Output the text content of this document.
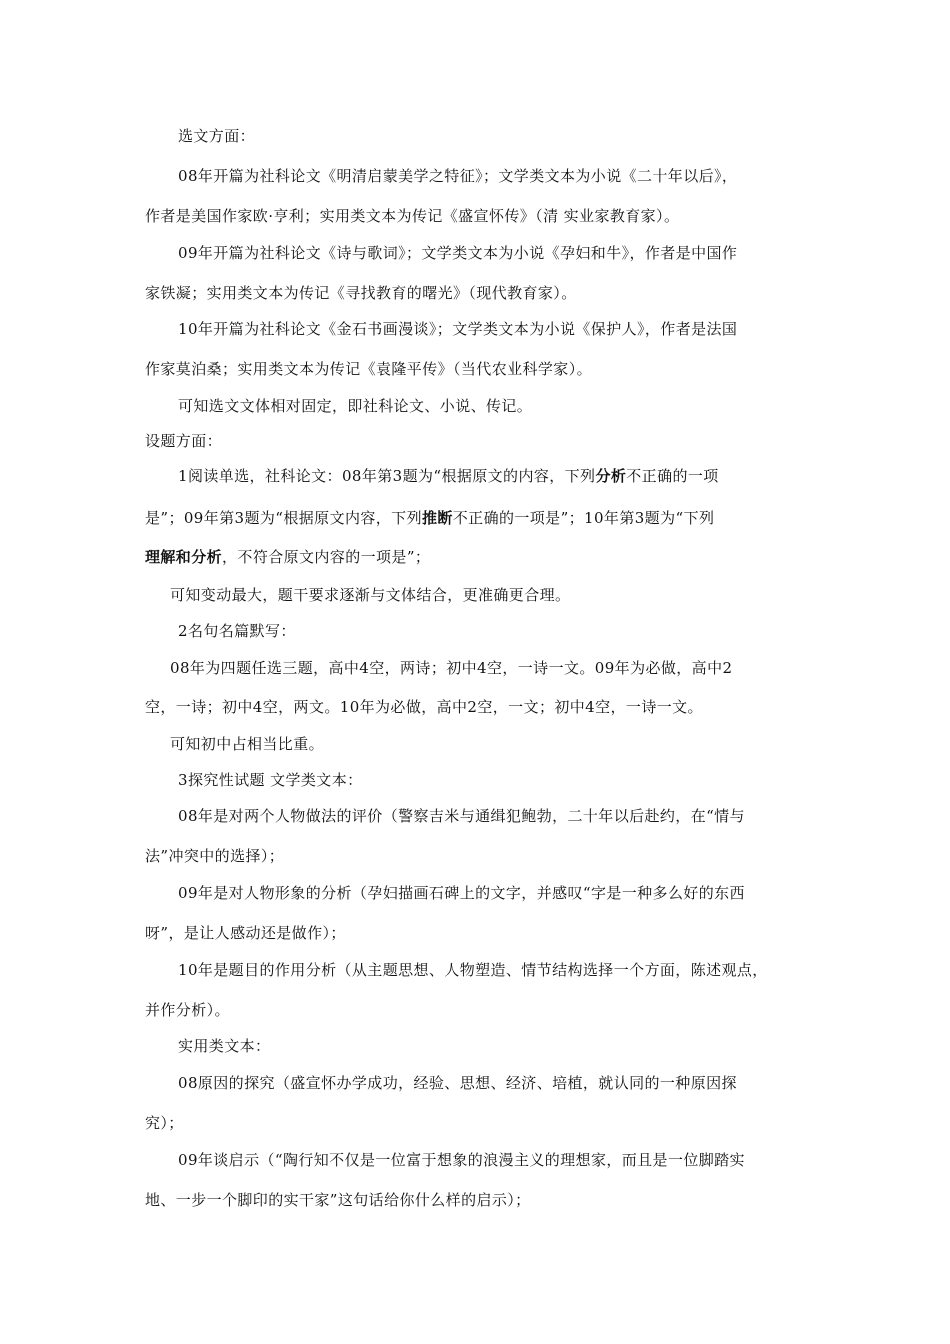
选文方面：
08年开篇为社科论文《明清启蒙美学之特征》；文学类文本为小说《二十年以后》，
作者是美国作家欧·亨利；实用类文本为传记《盛宣怀传》（清 实业家教育家）。
09年开篇为社科论文《诗与歌词》；文学类文本为小说《孕妇和牛》，作者是中国作
家铁凝；实用类文本为传记《寻找教育的曙光》（现代教育家）。
10年开篇为社科论文《金石书画漫谈》；文学类文本为小说《保护人》，作者是法国
作家莫泊桑；实用类文本为传记《袁隆平传》（当代农业科学家）。
可知选文文体相对固定，即社科论文、小说、传记。
设题方面：
1阅读单选，社科论文：08年第3题为“根据原文的内容，下列分析不正确的一项
是”；09年第3题为“根据原文内容，下列推断不正确的一项是”；10年第3题为“下列
理解和分析，不符合原文内容的一项是”；
可知变动最大，题干要求逐渐与文体结合，更准确更合理。
2名句名篇默写：
08年为四题任选三题，高中4空，两诗；初中4空，一诗一文。09年为必做，高中2
空，一诗；初中4空，两文。10年为必做，高中2空，一文；初中4空，一诗一文。
可知初中占相当比重。
3探究性试题 文学类文本：
08年是对两个人物做法的评价（警察吉米与通缉犯鲍勃，二十年以后赴约，在“情与
法”冲突中的选择）；
09年是对人物形象的分析（孕妇描画石碑上的文字，并感叹“字是一种多么好的东西
呀”，是让人感动还是做作）；
10年是题目的作用分析（从主题思想、人物塑造、情节结构选择一个方面，陈述观点，
并作分析）。
实用类文本：
08原因的探究（盛宣怀办学成功，经验、思想、经济、培植，就认同的一种原因探
究）；
09年谈启示（“陶行知不仅是一位富于想象的浪漫主义的理想家，而且是一位脚踏实
地、一步一个脚印的实干家”这句话给你什么样的启示）；
